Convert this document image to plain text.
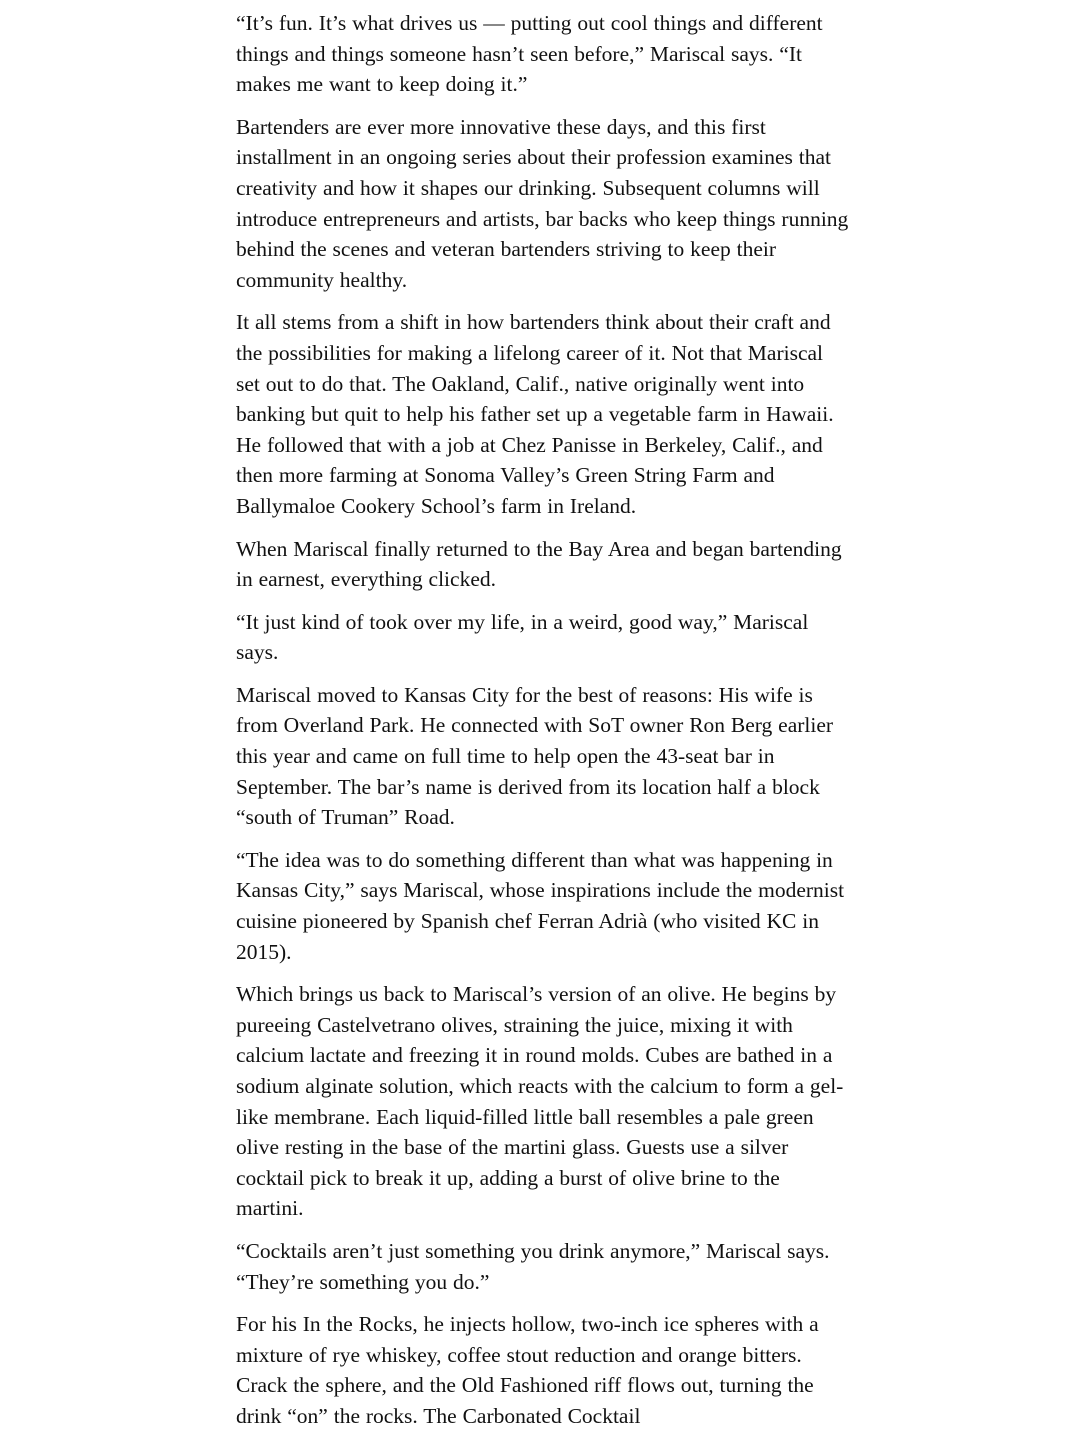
“It’s fun. It’s what drives us — putting out cool things and different things and things someone hasn’t seen before,” Mariscal says. “It makes me want to keep doing it.”

Bartenders are ever more innovative these days, and this first installment in an ongoing series about their profession examines that creativity and how it shapes our drinking. Subsequent columns will introduce entrepreneurs and artists, bar backs who keep things running behind the scenes and veteran bartenders striving to keep their community healthy.

It all stems from a shift in how bartenders think about their craft and the possibilities for making a lifelong career of it. Not that Mariscal set out to do that. The Oakland, Calif., native originally went into banking but quit to help his father set up a vegetable farm in Hawaii. He followed that with a job at Chez Panisse in Berkeley, Calif., and then more farming at Sonoma Valley’s Green String Farm and Ballymaloe Cookery School’s farm in Ireland.

When Mariscal finally returned to the Bay Area and began bartending in earnest, everything clicked.

“It just kind of took over my life, in a weird, good way,” Mariscal says.

Mariscal moved to Kansas City for the best of reasons: His wife is from Overland Park. He connected with SoT owner Ron Berg earlier this year and came on full time to help open the 43-seat bar in September. The bar’s name is derived from its location half a block “south of Truman” Road.

“The idea was to do something different than what was happening in Kansas City,” says Mariscal, whose inspirations include the modernist cuisine pioneered by Spanish chef Ferran Adrià (who visited KC in 2015).

Which brings us back to Mariscal’s version of an olive. He begins by pureeing Castelvetrano olives, straining the juice, mixing it with calcium lactate and freezing it in round molds. Cubes are bathed in a sodium alginate solution, which reacts with the calcium to form a gel-like membrane. Each liquid-filled little ball resembles a pale green olive resting in the base of the martini glass. Guests use a silver cocktail pick to break it up, adding a burst of olive brine to the martini.

“Cocktails aren’t just something you drink anymore,” Mariscal says. “They’re something you do.”

For his In the Rocks, he injects hollow, two-inch ice spheres with a mixture of rye whiskey, coffee stout reduction and orange bitters. Crack the sphere, and the Old Fashioned riff flows out, turning the drink “on” the rocks. The Carbonated Cocktail
